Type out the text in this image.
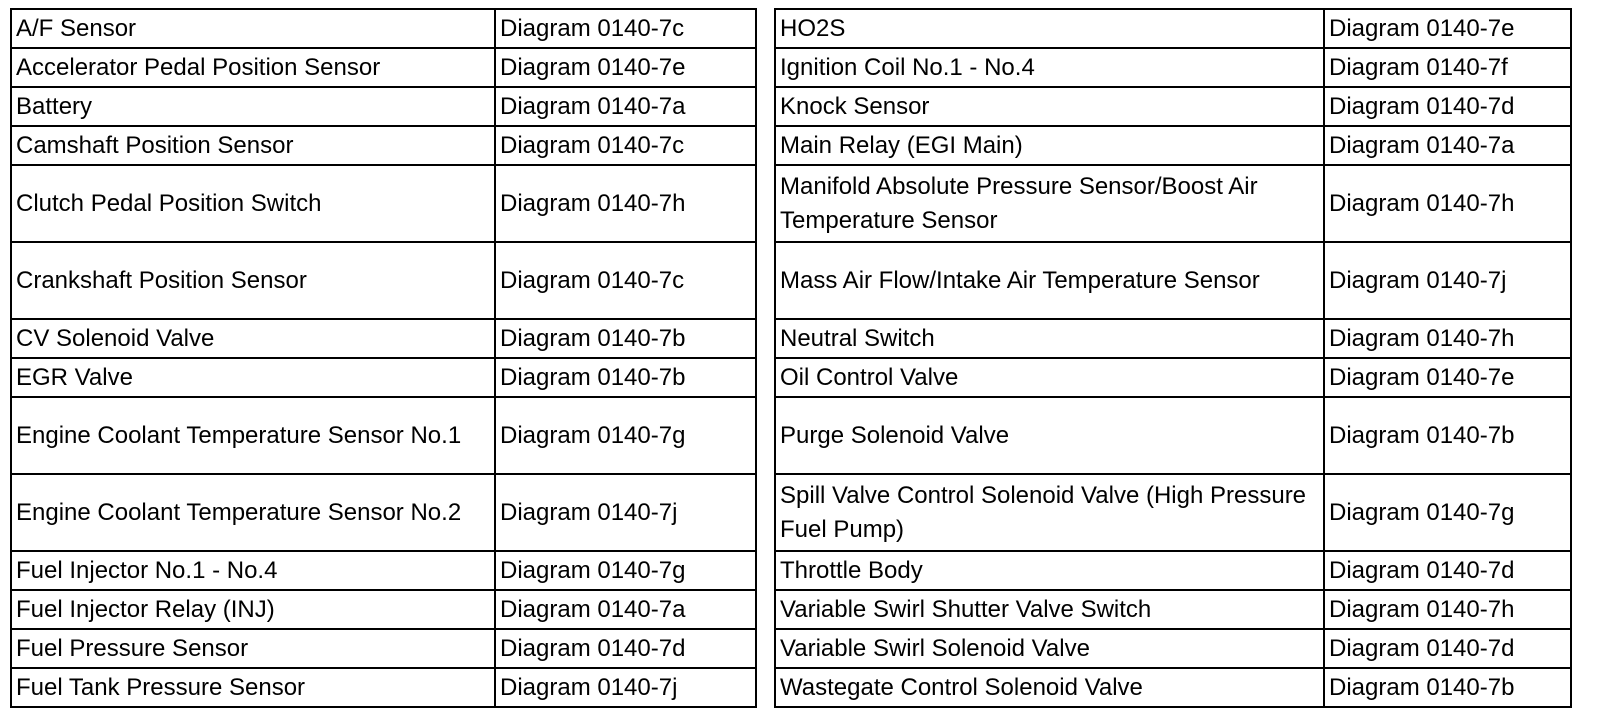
A/F Sensor	Diagram 0140-7c
Accelerator Pedal Position Sensor	Diagram 0140-7e
Battery	Diagram 0140-7a
Camshaft Position Sensor	Diagram 0140-7c
Clutch Pedal Position Switch	Diagram 0140-7h
Crankshaft Position Sensor	Diagram 0140-7c
CV Solenoid Valve	Diagram 0140-7b
EGR Valve	Diagram 0140-7b
Engine Coolant Temperature Sensor No.1	Diagram 0140-7g
Engine Coolant Temperature Sensor No.2	Diagram 0140-7j
Fuel Injector No.1 - No.4	Diagram 0140-7g
Fuel Injector Relay (INJ)	Diagram 0140-7a
Fuel Pressure Sensor	Diagram 0140-7d
Fuel Tank Pressure Sensor	Diagram 0140-7j
HO2S	Diagram 0140-7e
Ignition Coil No.1 - No.4	Diagram 0140-7f
Knock Sensor	Diagram 0140-7d
Main Relay (EGI Main)	Diagram 0140-7a
Manifold Absolute Pressure Sensor/Boost Air Temperature Sensor	Diagram 0140-7h
Mass Air Flow/Intake Air Temperature Sensor	Diagram 0140-7j
Neutral Switch	Diagram 0140-7h
Oil Control Valve	Diagram 0140-7e
Purge Solenoid Valve	Diagram 0140-7b
Spill Valve Control Solenoid Valve (High Pressure Fuel Pump)	Diagram 0140-7g
Throttle Body	Diagram 0140-7d
Variable Swirl Shutter Valve Switch	Diagram 0140-7h
Variable Swirl Solenoid Valve	Diagram 0140-7d
Wastegate Control Solenoid Valve	Diagram 0140-7b
